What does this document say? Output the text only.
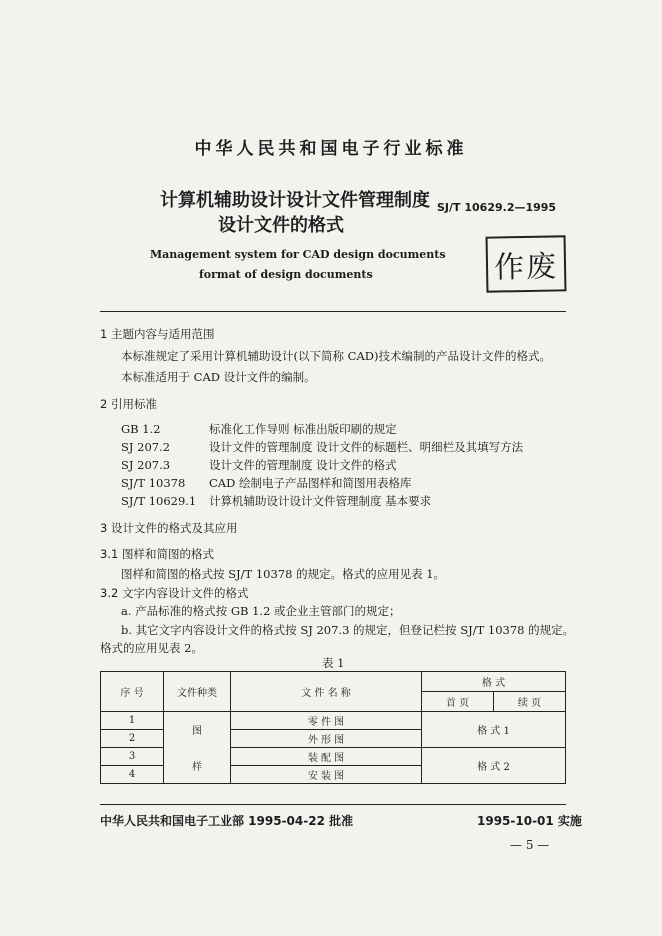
中华人民共和国电子行业标准
计算机辅助设计设计文件管理制度
设计文件的格式
SJ/T 10629.2—1995
Management system for CAD design documents
format of design documents	作废
1 主题内容与适用范围
本标准规定了采用计算机辅助设计(以下简称 CAD)技术编制的产品设计文件的格式。
本标准适用于 CAD 设计文件的编制。
2 引用标准
GB 1.2	标准化工作导则 标准出版印刷的规定
SJ 207.2	设计文件的管理制度 设计文件的标题栏、明细栏及其填写方法
SJ 207.3	设计文件的管理制度 设计文件的格式
SJ/T 10378 CAD 绘制电子产品图样和简图用表格库
SJ/T 10629.1 计算机辅助设计设计文件管理制度 基本要求
3 设计文件的格式及其应用
3.1 图样和简图的格式
图样和简图的格式按 SJ/T 10378 的规定。格式的应用见表 1。
3.2 文字内容设计文件的格式
a. 产品标准的格式按 GB 1.2 或企业主管部门的规定；
b. 其它文字内容设计文件的格式按 SJ 207.3 的规定，但登记栏按 SJ/T 10378 的规定。
格式的应用见表 2。
表 1
序 号	文件种类	文 件 名 称	格 式	
			首 页	续 页
1	图	零 件 图	格 式 1	
2		外 形 图		
3	样	装 配 图	格 式 2	
4		安 装 图		
中华人民共和国电子工业部 1995-04-22 批准	1995-10-01 实施
— 5 —
